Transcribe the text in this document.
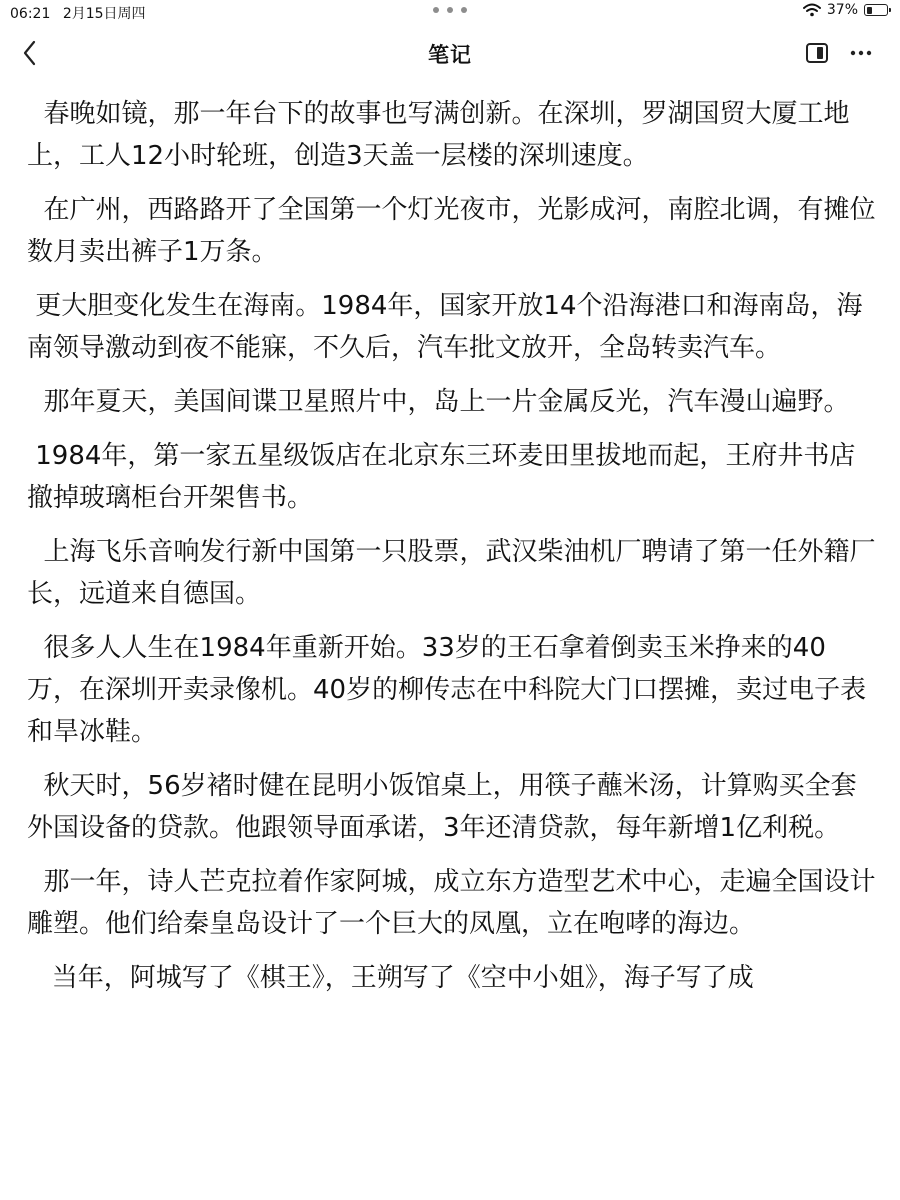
06:21 2月15日周四	37%
笔记

春晚如镜，那一年台下的故事也写满创新。在深圳，罗湖国贸大厦工地上，工人12小时轮班，创造3天盖一层楼的深圳速度。

在广州，西路路开了全国第一个灯光夜市，光影成河，南腔北调，有摊位数月卖出裤子1万条。

更大胆变化发生在海南。1984年，国家开放14个沿海港口和海南岛，海南领导激动到夜不能寐，不久后，汽车批文放开，全岛转卖汽车。

那年夏天，美国间谍卫星照片中，岛上一片金属反光，汽车漫山遍野。

1984年，第一家五星级饭店在北京东三环麦田里拔地而起，王府井书店撤掉玻璃柜台开架售书。

上海飞乐音响发行新中国第一只股票，武汉柴油机厂聘请了第一任外籍厂长，远道来自德国。

很多人人生在1984年重新开始。33岁的王石拿着倒卖玉米挣来的40万，在深圳开卖录像机。40岁的柳传志在中科院大门口摆摊，卖过电子表和旱冰鞋。

秋天时，56岁褚时健在昆明小饭馆桌上，用筷子蘸米汤，计算购买全套外国设备的贷款。他跟领导面承诺，3年还清贷款，每年新增1亿利税。

那一年，诗人芒克拉着作家阿城，成立东方造型艺术中心，走遍全国设计雕塑。他们给秦皇岛设计了一个巨大的凤凰，立在咆哮的海边。

当年，阿城写了《棋王》，王朔写了《空中小姐》，海子写了成
